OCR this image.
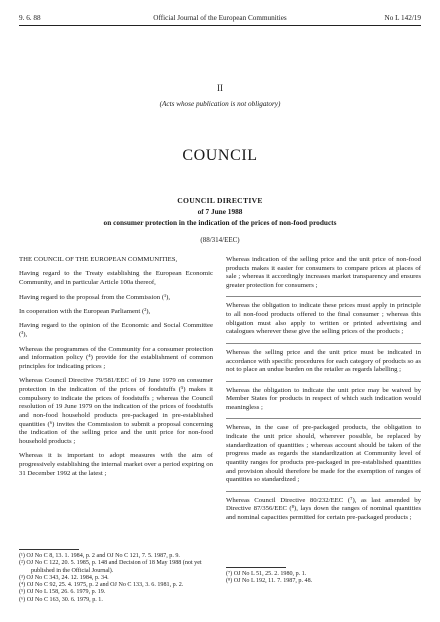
9. 6. 88	Official Journal of the European Communities	No L 142/19
II
(Acts whose publication is not obligatory)
COUNCIL
COUNCIL DIRECTIVE
of 7 June 1988
on consumer protection in the indication of the prices of non-food products
(88/314/EEC)

THE COUNCIL OF THE EUROPEAN COMMUNITIES,

Having regard to the Treaty establishing the European Economic Community, and in particular Article 100a thereof,

Having regard to the proposal from the Commission (¹),

In cooperation with the European Parliament (²),

Having regard to the opinion of the Economic and Social Committee (³),

Whereas the programmes of the Community for a consumer protection and information policy (⁴) provide for the establishment of common principles for indicating prices ;

Whereas Council Directive 79/581/EEC of 19 June 1979 on consumer protection in the indication of the prices of foodstuffs (⁵) makes it compulsory to indicate the prices of foodstuffs ; whereas the Council resolution of 19 June 1979 on the indication of the prices of foodstuffs and non-food household products pre-packaged in pre-established quantities (⁶) invites the Commission to submit a proposal concerning the indication of the selling price and the unit price for non-food household products ;

Whereas it is important to adopt measures with the aim of progressively establishing the internal market over a period expiring on 31 December 1992 at the latest ;

Whereas indication of the selling price and the unit price of non-food products makes it easier for consumers to compare prices at places of sale ; whereas it accordingly increases market transparency and ensures greater protection for consumers ;

Whereas the obligation to indicate these prices must apply in principle to all non-food products offered to the final consumer ; whereas this obligation must also apply to written or printed advertising and catalogues wherever these give the selling prices of the products ;

Whereas the selling price and the unit price must be indicated in accordance with specific procedures for each category of products so as not to place an undue burden on the retailer as regards labelling ;

Whereas the obligation to indicate the unit price may be waived by Member States for products in respect of which such indication would meaningless ;

Whereas, in the case of pre-packaged products, the obligation to indicate the unit price should, wherever possible, be replaced by standardization of quantities ; whereas account should be taken of the progress made as regards the standardization at Community level of quantity ranges for products pre-packaged in pre-established quantities and provision should therefore be made for the exemption of ranges of quantities so standardized ;

Whereas Council Directive 80/232/EEC (⁷), as last amended by Directive 87/356/EEC (⁸), lays down the ranges of nominal quantities and nominal capacities permitted for certain pre-packaged products ;

(¹) OJ No C 8, 13. 1. 1984, p. 2 and OJ No C 121, 7. 5. 1987, p. 9.

(²) OJ No C 122, 20. 5. 1985, p. 148 and Decision of 18 May 1988 (not yet published in the Official Journal).

(³) OJ No C 343, 24. 12. 1984, p. 34.

(⁴) OJ No C 92, 25. 4. 1975, p. 2 and OJ No C 133, 3. 6. 1981, p. 2.

(⁵) OJ No L 158, 26. 6. 1979, p. 19.

(⁶) OJ No C 163, 30. 6. 1979, p. 1.

(⁷) OJ No L 51, 25. 2. 1980, p. 1.

(⁸) OJ No L 192, 11. 7. 1987, p. 48.
